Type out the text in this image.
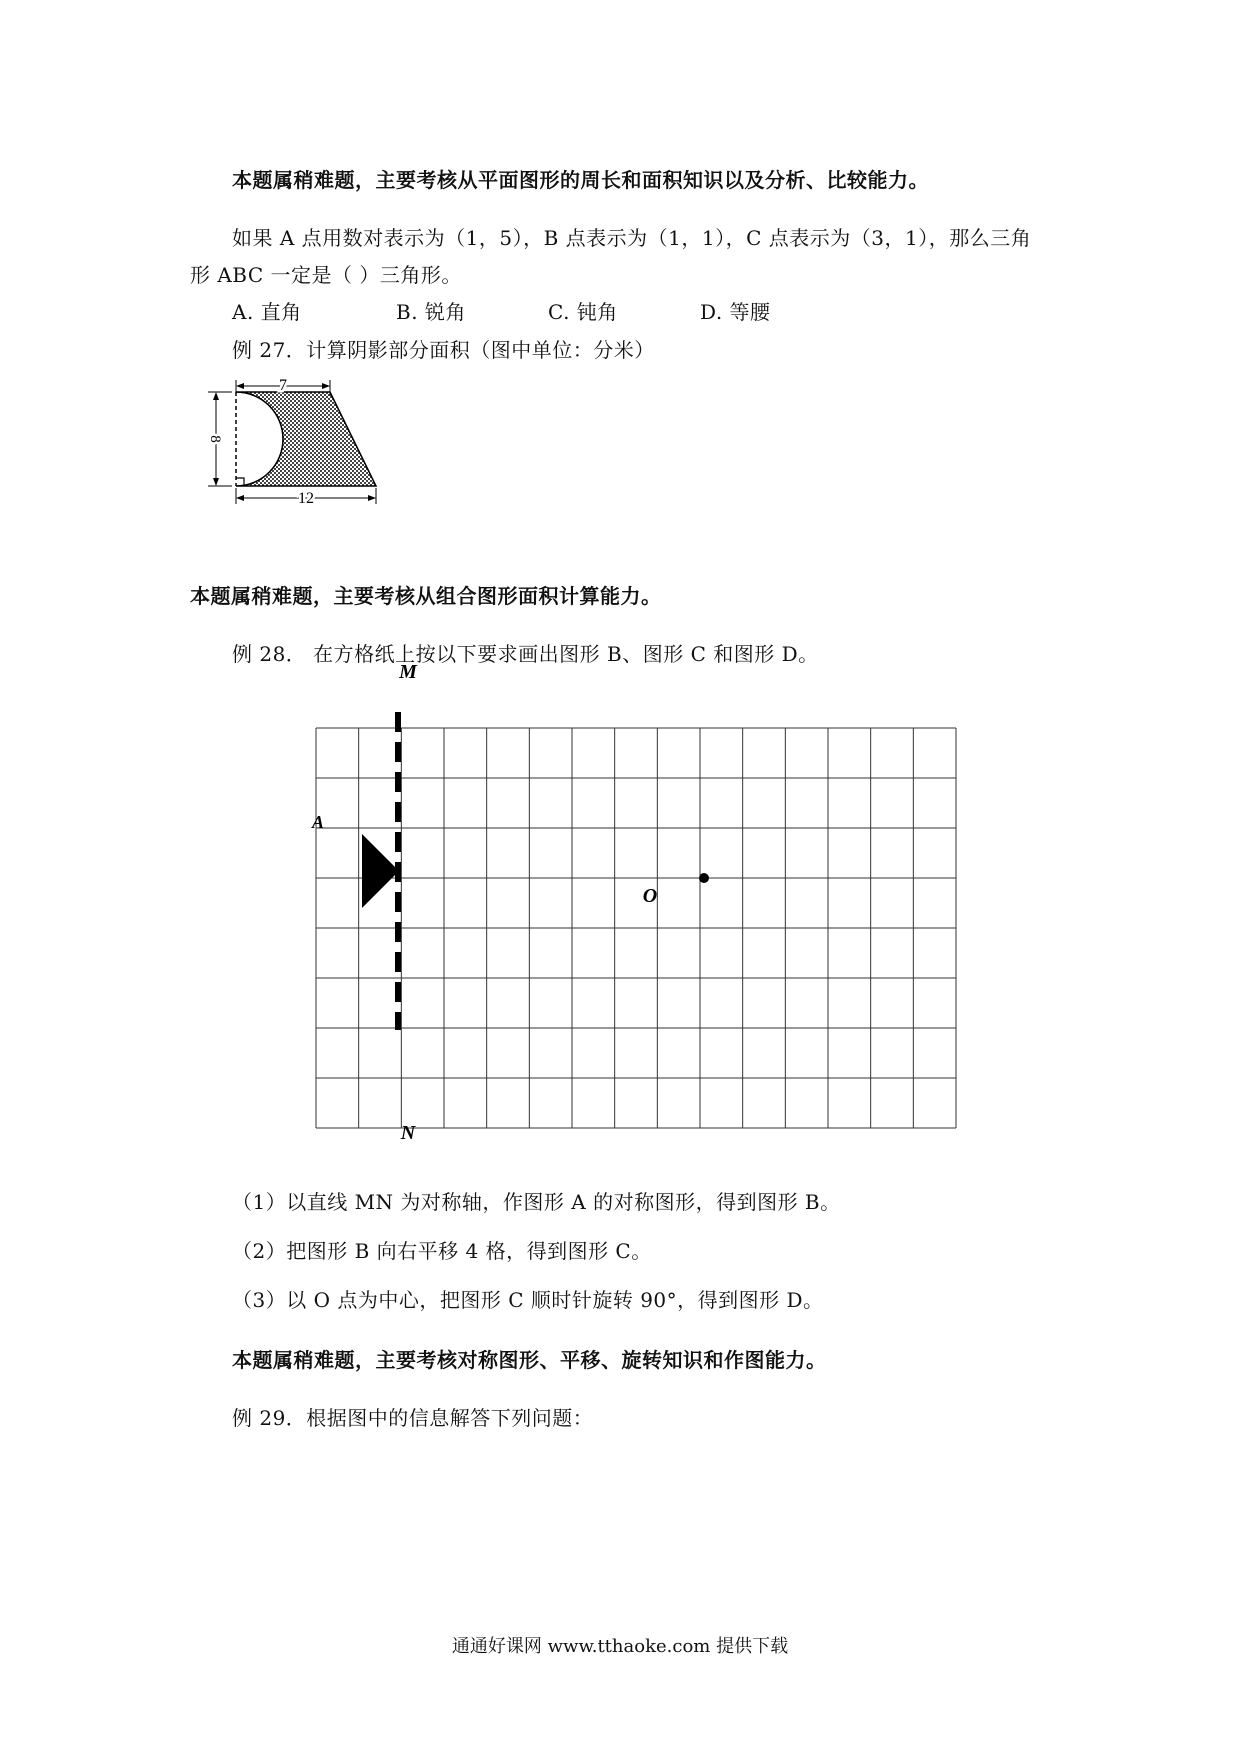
本题属稍难题，主要考核从平面图形的周长和面积知识以及分析、比较能力。
如果 A 点用数对表示为（1，5），B 点表示为（1，1），C 点表示为（3，1），那么三角
形 ABC 一定是（ ）三角形。
A. 直角	B. 锐角	C. 钝角	D. 等腰
例 27．计算阴影部分面积（图中单位：分米）
7
8
12
本题属稍难题，主要考核从组合图形面积计算能力。
例 28． 在方格纸上按以下要求画出图形 B、图形 C 和图形 D。
M
N
A
O
（1）以直线 MN 为对称轴，作图形 A 的对称图形，得到图形 B。
（2）把图形 B 向右平移 4 格，得到图形 C。
（3）以 O 点为中心，把图形 C 顺时针旋转 90°，得到图形 D。
本题属稍难题，主要考核对称图形、平移、旋转知识和作图能力。
例 29．根据图中的信息解答下列问题：
通通好课网 www.tthaoke.com 提供下载
